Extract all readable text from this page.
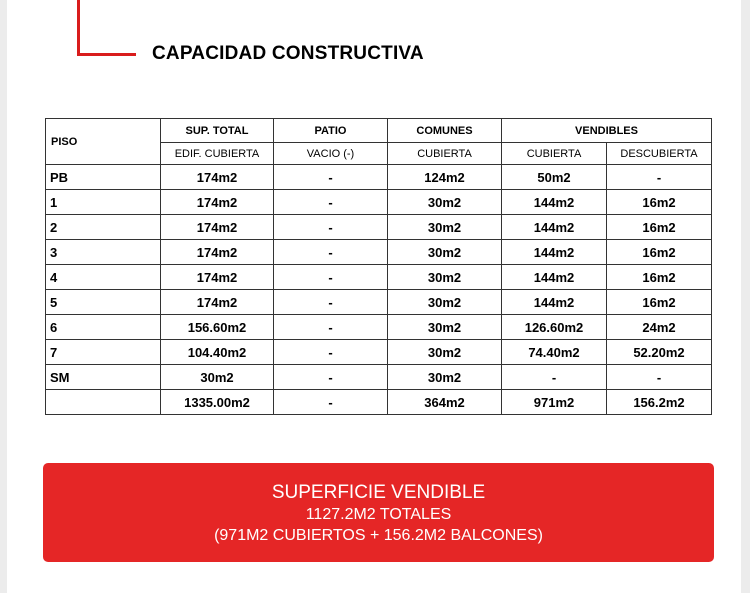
CAPACIDAD CONSTRUCTIVA
PISO	SUP. TOTAL	PATIO	COMUNES	VENDIBLES	
	EDIF. CUBIERTA	VACIO (-)	CUBIERTA	CUBIERTA	DESCUBIERTA
PB	174m2	-	124m2	50m2	-
1	174m2	-	30m2	144m2	16m2
2	174m2	-	30m2	144m2	16m2
3	174m2	-	30m2	144m2	16m2
4	174m2	-	30m2	144m2	16m2
5	174m2	-	30m2	144m2	16m2
6	156.60m2	-	30m2	126.60m2	24m2
7	104.40m2	-	30m2	74.40m2	52.20m2
SM	30m2	-	30m2	-	-
	1335.00m2	-	364m2	971m2	156.2m2
SUPERFICIE VENDIBLE
1127.2M2 TOTALES
(971M2 CUBIERTOS + 156.2M2 BALCONES)
